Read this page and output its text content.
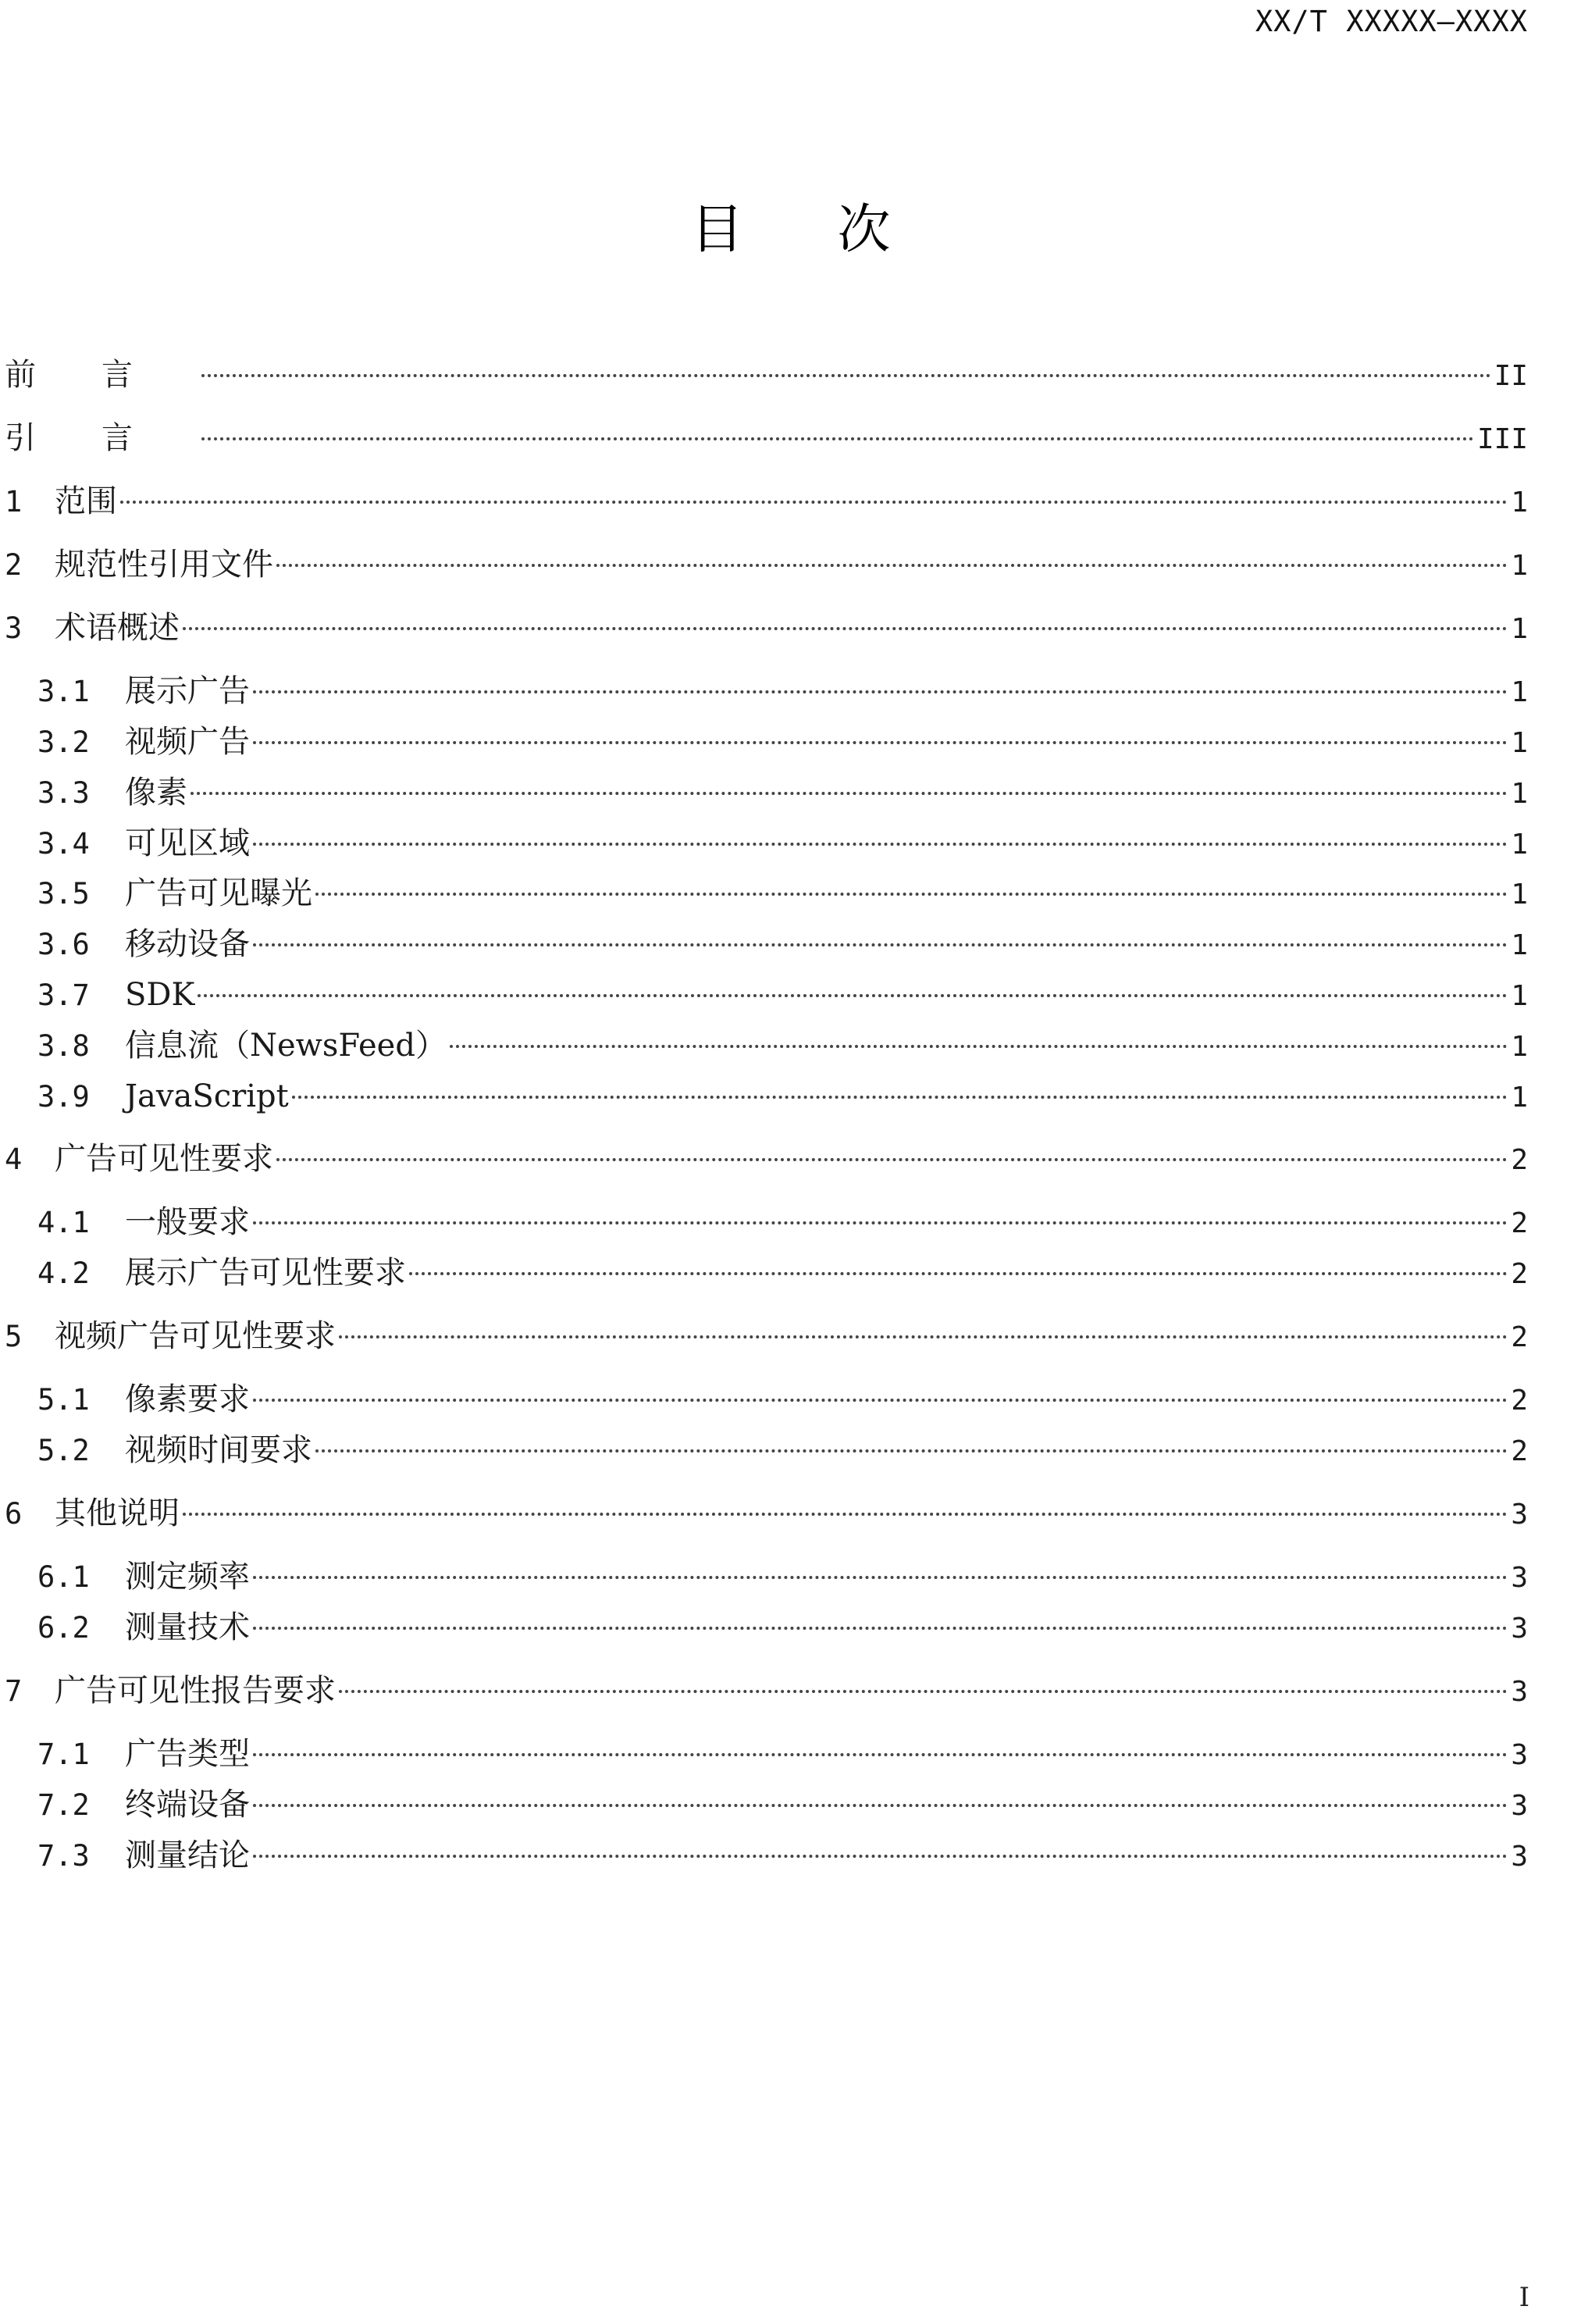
XX/T XXXXX—XXXX
目次
前言	II
引言	III
1	范围	1
2	规范性引用文件	1
3	术语概述	1
3.1	展示广告	1
3.2	视频广告	1
3.3	像素	1
3.4	可见区域	1
3.5	广告可见曝光	1
3.6	移动设备	1
3.7	SDK	1
3.8	信息流（NewsFeed）	1
3.9	JavaScript	1
4	广告可见性要求	2
4.1	一般要求	2
4.2	展示广告可见性要求	2
5	视频广告可见性要求	2
5.1	像素要求	2
5.2	视频时间要求	2
6	其他说明	3
6.1	测定频率	3
6.2	测量技术	3
7	广告可见性报告要求	3
7.1	广告类型	3
7.2	终端设备	3
7.3	测量结论	3
I
